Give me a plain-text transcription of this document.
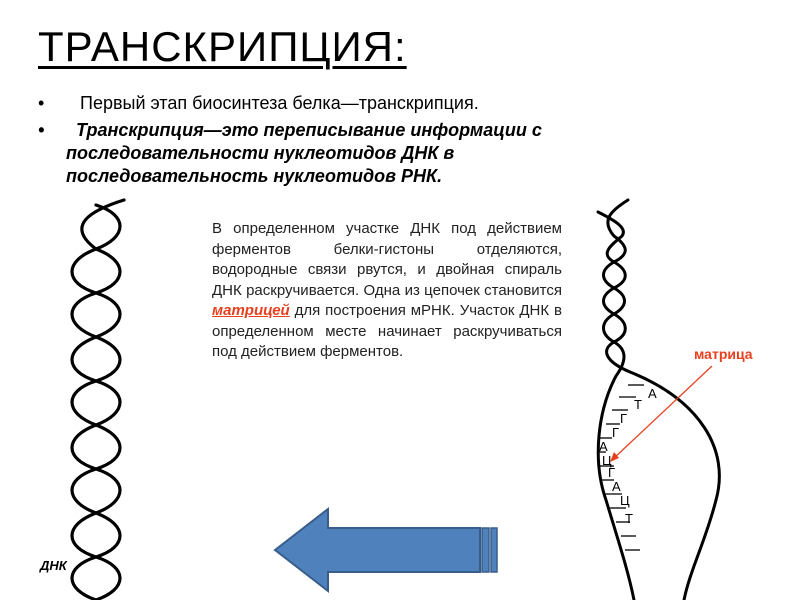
А
Т
Г
Г
А
Ц
Г
А
Ц
Т
ТРАНСКРИПЦИЯ:
• Первый этап биосинтеза белка—транскрипция.
•	Транскрипция—это переписывание информации с
последовательности нуклеотидов ДНК в
последовательность нуклеотидов РНК.
В определенном участке ДНК под действием ферментов белки-гистоны отделяются, водородные связи рвутся, и двойная спираль ДНК раскручивается. Одна из цепочек становится матрицей для построения мРНК. Участок ДНК в определенном месте начинает раскручиваться под действием ферментов.
ДНК
матрица
